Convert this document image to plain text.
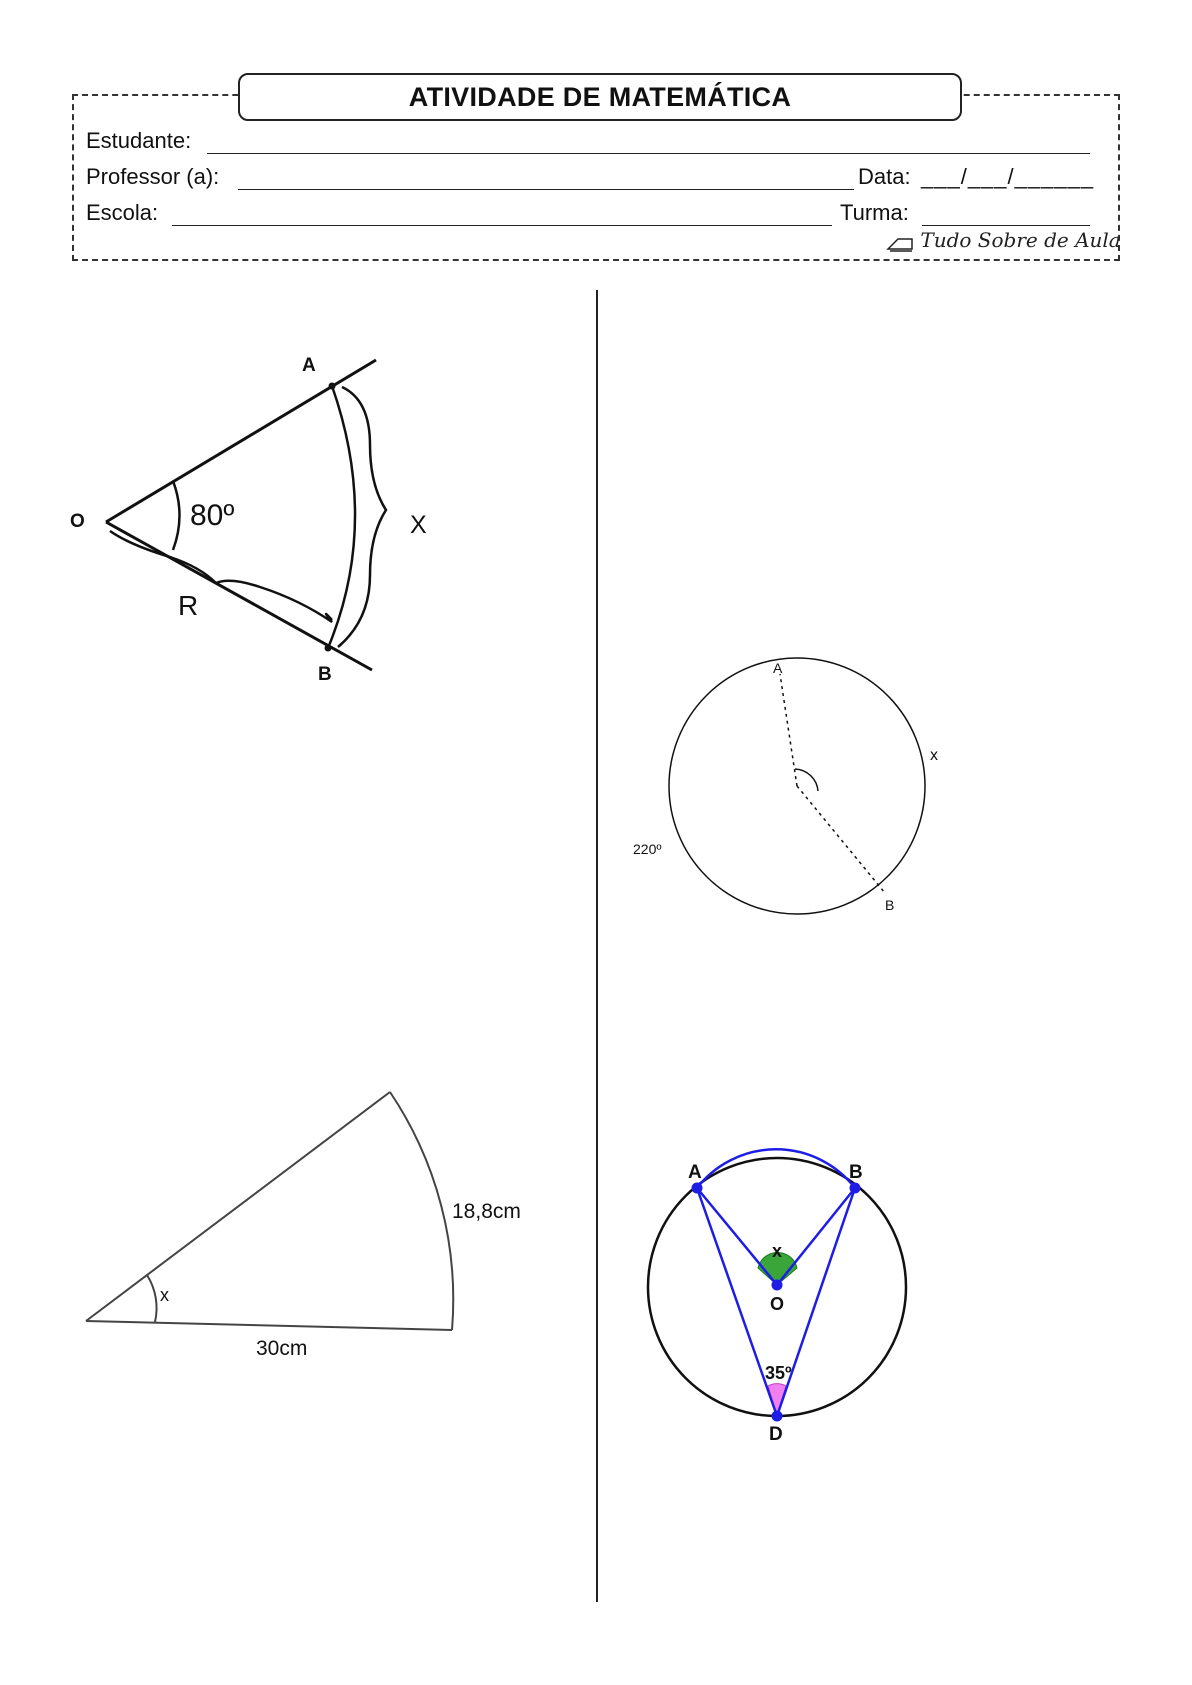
ATIVIDADE DE MATEMÁTICA
Estudante:
Professor (a):	Data: ___/___/______
Escola:	Turma:
Tudo Sobre de Aula
A
O	80º	X
R
B	A
x
220º
B
x
18,8cm
30cm
A	B
x
O
35º
D
